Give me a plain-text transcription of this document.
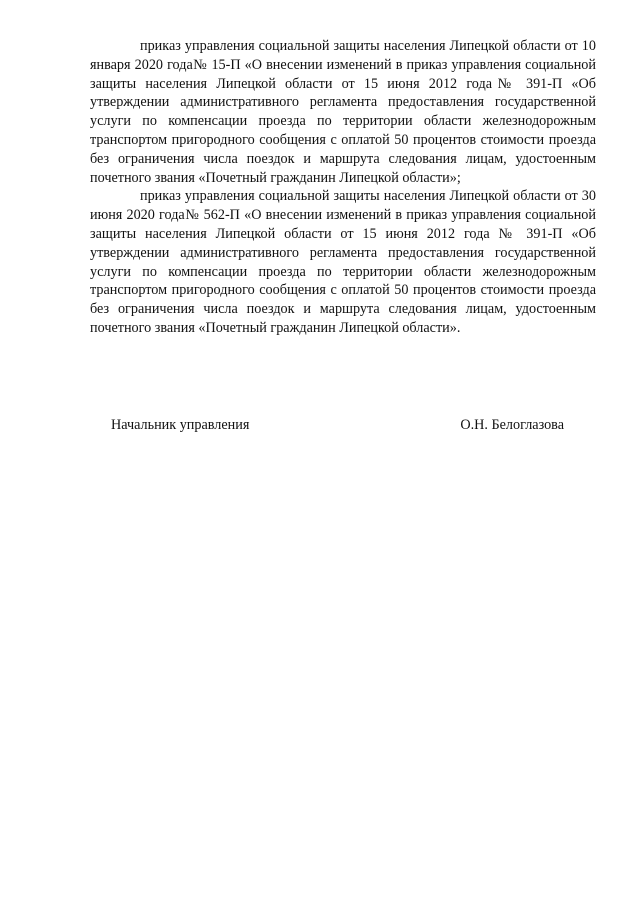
приказ управления социальной защиты населения Липецкой области от 10 января 2020 года№ 15-П «О внесении изменений в приказ управления социальной защиты населения Липецкой области от 15 июня 2012 года№ 391-П «Об утверждении административного регламента предоставления государственной услуги по компенсации проезда по территории области железнодорожным транспортом пригородного сообщения с оплатой 50 процентов стоимости проезда без ограничения числа поездок и маршрута следования лицам, удостоенным почетного звания «Почетный гражданин Липецкой области»;

приказ управления социальной защиты населения Липецкой области от 30 июня 2020 года№ 562-П «О внесении изменений в приказ управления социальной защиты населения Липецкой области от 15 июня 2012 года № 391-П «Об утверждении административного регламента предоставления государственной услуги по компенсации проезда по территории области железнодорожным транспортом пригородного сообщения с оплатой 50 процентов стоимости проезда без ограничения числа поездок и маршрута следования лицам, удостоенным почетного звания «Почетный гражданин Липецкой области».

Начальник управления	О.Н. Белоглазова
